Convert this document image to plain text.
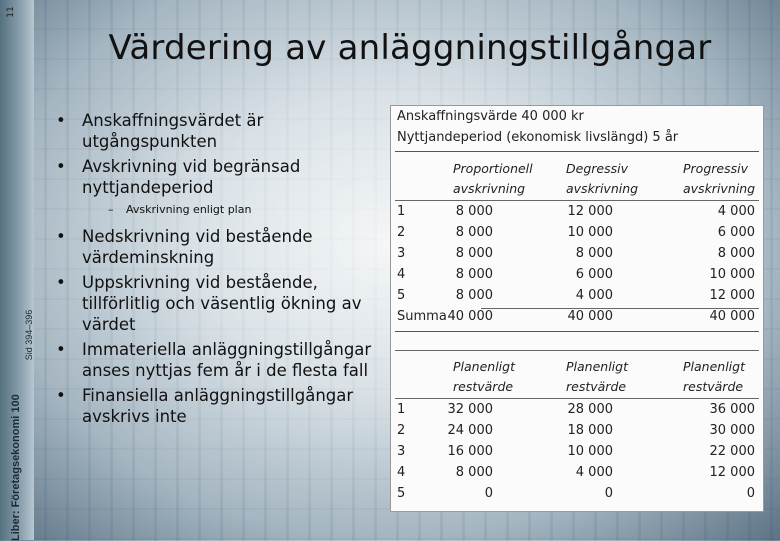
11
Liber: Företagsekonomi 100
Sid 394–396
Värdering av anläggningstillgångar
• Anskaffningsvärdet är utgångspunkten
• Avskrivning vid begränsad nyttjandeperiod
– Avskrivning enligt plan
• Nedskrivning vid bestående värdeminskning
• Uppskrivning vid bestående, tillförlitlig och väsentlig ökning av värdet
• Immateriella anläggningstillgångar anses nyttjas fem år i de flesta fall
• Finansiella anläggningstillgångar avskrivs inte
Anskaffningsvärde 40 000 kr
Nyttjandeperiod (ekonomisk livslängd) 5 år
Proportionell
avskrivning
Degressiv
avskrivning
Progressiv
avskrivning
1	8 000	12 000	4 000
2	8 000	10 000	6 000
3	8 000	8 000	8 000
4	8 000	6 000	10 000
5	8 000	4 000	12 000
Summa 40 000	40 000	40 000
Planenligt
restvärde
Planenligt
restvärde
Planenligt
restvärde
1	32 000	28 000	36 000
2	24 000	18 000	30 000
3	16 000	10 000	22 000
4	8 000	4 000	12 000
5	0	0	0
